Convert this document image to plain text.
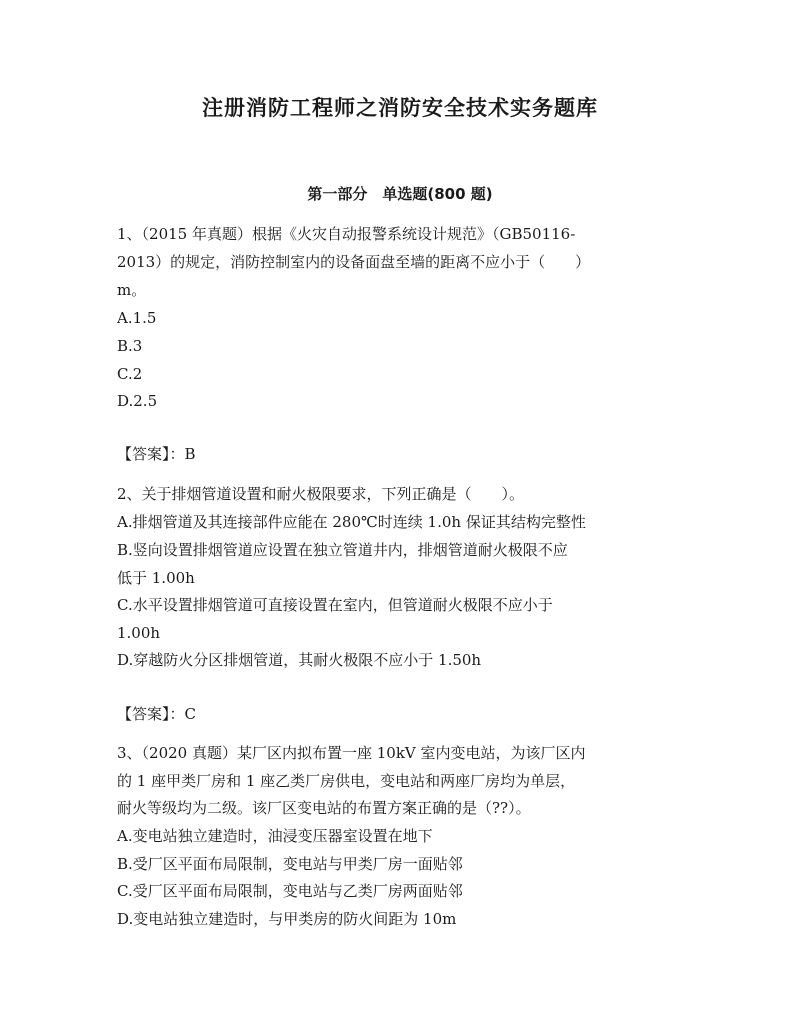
注册消防工程师之消防安全技术实务题库
第一部分　单选题(800 题)
1、（2015 年真题）根据《火灾自动报警系统设计规范》（GB50116-
2013）的规定，消防控制室内的设备面盘至墙的距离不应小于（　　）
m。
A.1.5
B.3
C.2
D.2.5
【答案】：B
2、关于排烟管道设置和耐火极限要求，下列正确是（　　）。
A.排烟管道及其连接部件应能在 280℃时连续 1.0h 保证其结构完整性
B.竖向设置排烟管道应设置在独立管道井内，排烟管道耐火极限不应
低于 1.00h
C.水平设置排烟管道可直接设置在室内，但管道耐火极限不应小于
1.00h
D.穿越防火分区排烟管道，其耐火极限不应小于 1.50h
【答案】：C
3、（2020 真题）某厂区内拟布置一座 10kV 室内变电站，为该厂区内
的 1 座甲类厂房和 1 座乙类厂房供电，变电站和两座厂房均为单层，
耐火等级均为二级。该厂区变电站的布置方案正确的是（??）。
A.变电站独立建造时，油浸变压器室设置在地下
B.受厂区平面布局限制，变电站与甲类厂房一面贴邻
C.受厂区平面布局限制，变电站与乙类厂房两面贴邻
D.变电站独立建造时，与甲类房的防火间距为 10m
